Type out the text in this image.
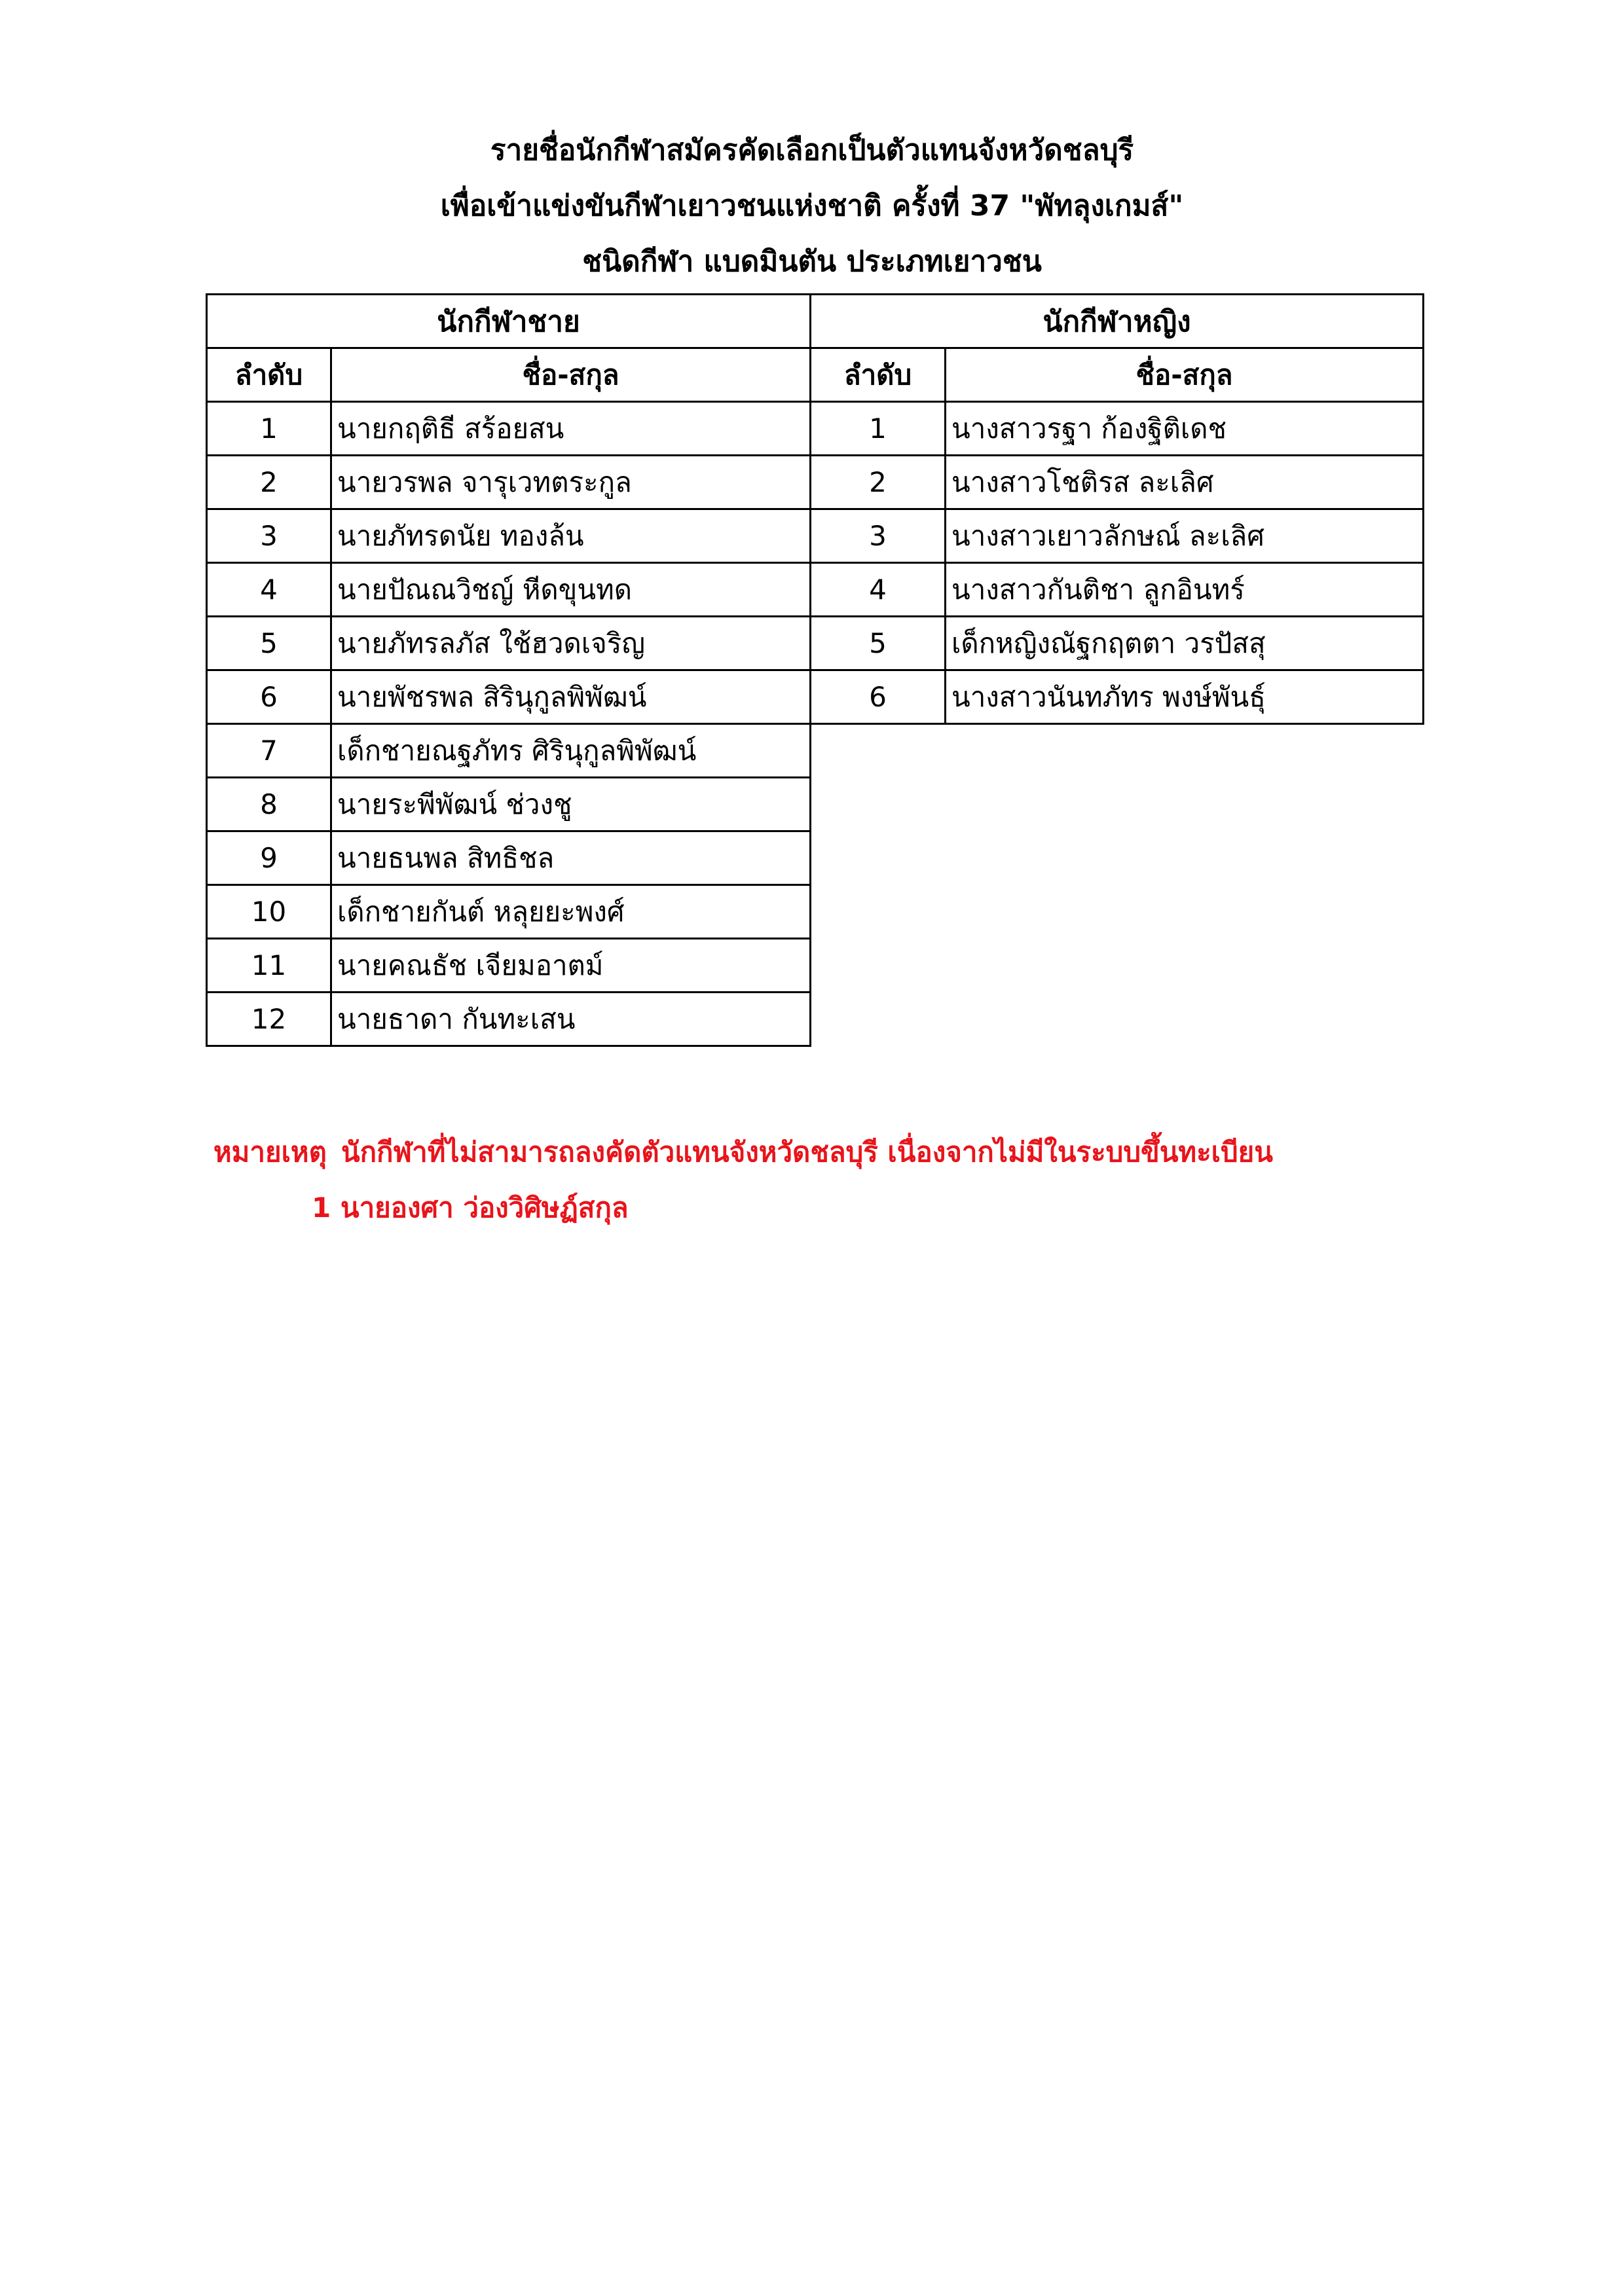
รายชื่อนักกีฬาสมัครคัดเลือกเป็นตัวแทนจังหวัดชลบุรี
เพื่อเข้าแข่งขันกีฬาเยาวชนแห่งชาติ ครั้งที่ 37 "พัทลุงเกมส์"
ชนิดกีฬา แบดมินตัน ประเภทเยาวชน
นักกีฬาชาย	
ลำดับ	ชื่อ-สกุล
1	นายกฤติธี สร้อยสน
2	นายวรพล จารุเวทตระกูล
3	นายภัทรดนัย ทองล้น
4	นายปัณณวิชญ์ หีดขุนทด
5	นายภัทรลภัส ใช้ฮวดเจริญ
6	นายพัชรพล สิรินุกูลพิพัฒน์
7	เด็กชายณฐภัทร ศิรินุกูลพิพัฒน์
8	นายระพีพัฒน์ ช่วงชู
9	นายธนพล สิทธิชล
10	เด็กชายกันต์ หลุยยะพงศ์
11	นายคณธัช เจียมอาตม์
12	นายธาดา กันทะเสน
นักกีฬาหญิง	
ลำดับ	ชื่อ-สกุล
1	นางสาวรฐา ก้องฐิติเดช
2	นางสาวโชติรส ละเลิศ
3	นางสาวเยาวลักษณ์ ละเลิศ
4	นางสาวกันติชา ลูกอินทร์
5	เด็กหญิงณัฐกฤตตา วรปัสสุ
6	นางสาวนันทภัทร พงษ์พันธุ์
หมายเหตุ นักกีฬาที่ไม่สามารถลงคัดตัวแทนจังหวัดชลบุรี เนื่องจากไม่มีในระบบขึ้นทะเบียน
1 นายองศา ว่องวิศิษฏ์สกุล
